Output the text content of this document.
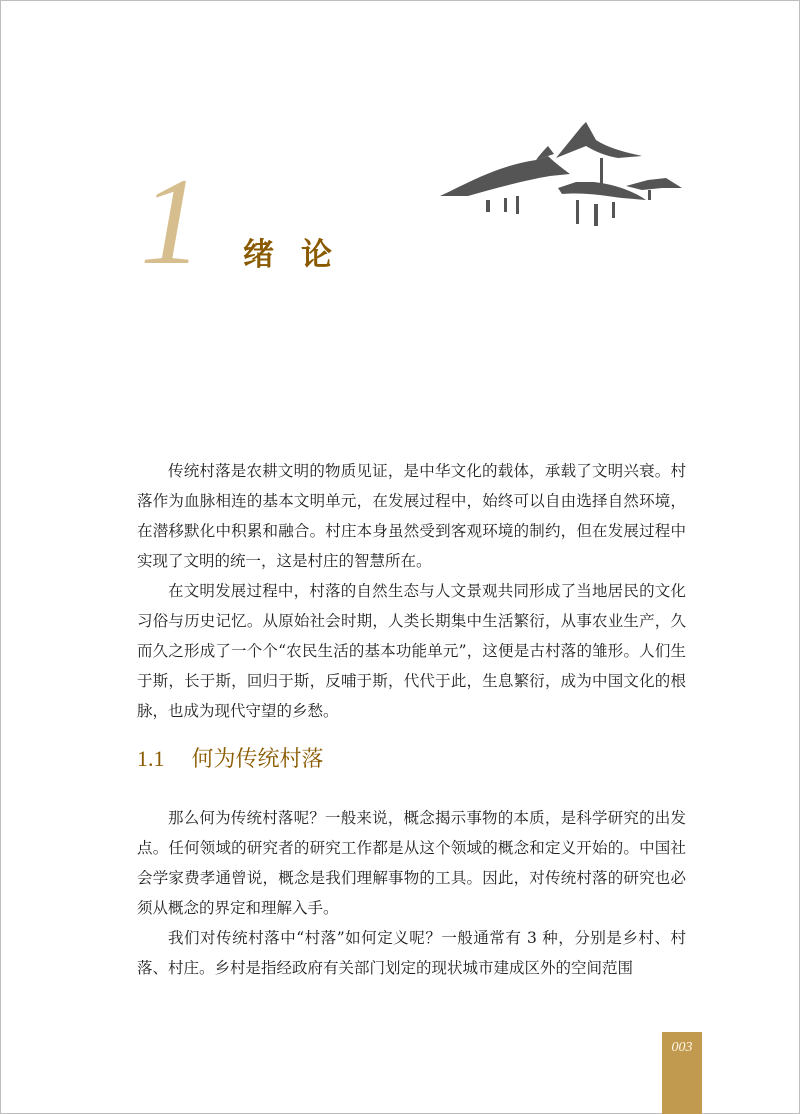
1 绪论

传统村落是农耕文明的物质见证，是中华文化的载体，承载了文明兴衰。村落作为血脉相连的基本文明单元，在发展过程中，始终可以自由选择自然环境，在潜移默化中积累和融合。村庄本身虽然受到客观环境的制约，但在发展过程中实现了文明的统一，这是村庄的智慧所在。

在文明发展过程中，村落的自然生态与人文景观共同形成了当地居民的文化习俗与历史记忆。从原始社会时期，人类长期集中生活繁衍，从事农业生产，久而久之形成了一个个“农民生活的基本功能单元”，这便是古村落的雏形。人们生于斯，长于斯，回归于斯，反哺于斯，代代于此，生息繁衍，成为中国文化的根脉，也成为现代守望的乡愁。

1.1 何为传统村落

那么何为传统村落呢？一般来说，概念揭示事物的本质，是科学研究的出发点。任何领域的研究者的研究工作都是从这个领域的概念和定义开始的。中国社会学家费孝通曾说，概念是我们理解事物的工具。因此，对传统村落的研究也必须从概念的界定和理解入手。

我们对传统村落中“村落”如何定义呢？一般通常有 3 种，分别是乡村、村落、村庄。乡村是指经政府有关部门划定的现状城市建成区外的空间范围

003
